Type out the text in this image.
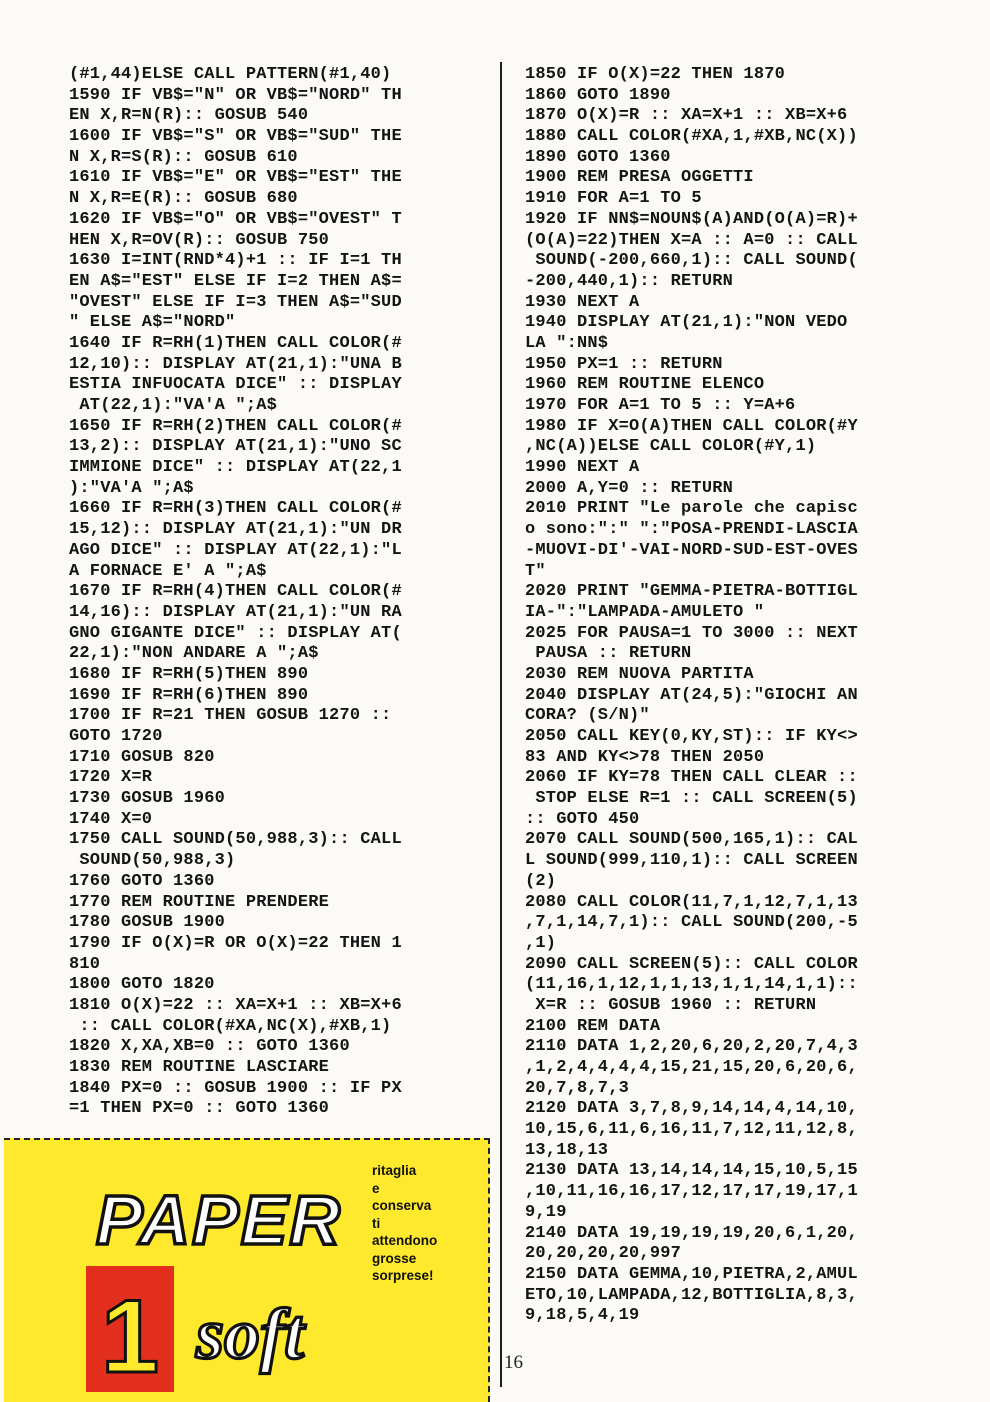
(#1,44)ELSE CALL PATTERN(#1,40)
1590 IF VB$="N" OR VB$="NORD" TH
EN X,R=N(R):: GOSUB 540
1600 IF VB$="S" OR VB$="SUD" THE
N X,R=S(R):: GOSUB 610
1610 IF VB$="E" OR VB$="EST" THE
N X,R=E(R):: GOSUB 680
1620 IF VB$="O" OR VB$="OVEST" T
HEN X,R=OV(R):: GOSUB 750
1630 I=INT(RND*4)+1 :: IF I=1 TH
EN A$="EST" ELSE IF I=2 THEN A$=
"OVEST" ELSE IF I=3 THEN A$="SUD
" ELSE A$="NORD"
1640 IF R=RH(1)THEN CALL COLOR(#
12,10):: DISPLAY AT(21,1):"UNA B
ESTIA INFUOCATA DICE" :: DISPLAY
AT(22,1):"VA'A ";A$
1650 IF R=RH(2)THEN CALL COLOR(#
13,2):: DISPLAY AT(21,1):"UNO SC
IMMIONE DICE" :: DISPLAY AT(22,1
):"VA'A ";A$
1660 IF R=RH(3)THEN CALL COLOR(#
15,12):: DISPLAY AT(21,1):"UN DR
AGO DICE" :: DISPLAY AT(22,1):"L
A FORNACE E' A ";A$
1670 IF R=RH(4)THEN CALL COLOR(#
14,16):: DISPLAY AT(21,1):"UN RA
GNO GIGANTE DICE" :: DISPLAY AT(
22,1):"NON ANDARE A ";A$
1680 IF R=RH(5)THEN 890
1690 IF R=RH(6)THEN 890
1700 IF R=21 THEN GOSUB 1270 ::
GOTO 1720
1710 GOSUB 820
1720 X=R
1730 GOSUB 1960
1740 X=0
1750 CALL SOUND(50,988,3):: CALL
SOUND(50,988,3)
1760 GOTO 1360
1770 REM ROUTINE PRENDERE
1780 GOSUB 1900
1790 IF O(X)=R OR O(X)=22 THEN 1
810
1800 GOTO 1820
1810 O(X)=22 :: XA=X+1 :: XB=X+6
:: CALL COLOR(#XA,NC(X),#XB,1)
1820 X,XA,XB=0 :: GOTO 1360
1830 REM ROUTINE LASCIARE
1840 PX=0 :: GOSUB 1900 :: IF PX
=1 THEN PX=0 :: GOTO 1360
1850 IF O(X)=22 THEN 1870
1860 GOTO 1890
1870 O(X)=R :: XA=X+1 :: XB=X+6
1880 CALL COLOR(#XA,1,#XB,NC(X))
1890 GOTO 1360
1900 REM PRESA OGGETTI
1910 FOR A=1 TO 5
1920 IF NN$=NOUN$(A)AND(O(A)=R)+
(O(A)=22)THEN X=A :: A=0 :: CALL
SOUND(-200,660,1):: CALL SOUND(
-200,440,1):: RETURN
1930 NEXT A
1940 DISPLAY AT(21,1):"NON VEDO
LA ":NN$
1950 PX=1 :: RETURN
1960 REM ROUTINE ELENCO
1970 FOR A=1 TO 5 :: Y=A+6
1980 IF X=O(A)THEN CALL COLOR(#Y
,NC(A))ELSE CALL COLOR(#Y,1)
1990 NEXT A
2000 A,Y=0 :: RETURN
2010 PRINT "Le parole che capisc
o sono:":" ":"POSA-PRENDI-LASCIA
-MUOVI-DI'-VAI-NORD-SUD-EST-OVES
T"
2020 PRINT "GEMMA-PIETRA-BOTTIGL
IA-":"LAMPADA-AMULETO "
2025 FOR PAUSA=1 TO 3000 :: NEXT
PAUSA :: RETURN
2030 REM NUOVA PARTITA
2040 DISPLAY AT(24,5):"GIOCHI AN
CORA? (S/N)"
2050 CALL KEY(0,KY,ST):: IF KY<>
83 AND KY<>78 THEN 2050
2060 IF KY=78 THEN CALL CLEAR ::
STOP ELSE R=1 :: CALL SCREEN(5)
:: GOTO 450
2070 CALL SOUND(500,165,1):: CAL
L SOUND(999,110,1):: CALL SCREEN
(2)
2080 CALL COLOR(11,7,1,12,7,1,13
,7,1,14,7,1):: CALL SOUND(200,-5
,1)
2090 CALL SCREEN(5):: CALL COLOR
(11,16,1,12,1,1,13,1,1,14,1,1)::
X=R :: GOSUB 1960 :: RETURN
2100 REM DATA
2110 DATA 1,2,20,6,20,2,20,7,4,3
,1,2,4,4,4,4,15,21,15,20,6,20,6,
20,7,8,7,3
2120 DATA 3,7,8,9,14,14,4,14,10,
10,15,6,11,6,16,11,7,12,11,12,8,
13,18,13
2130 DATA 13,14,14,14,15,10,5,15
,10,11,16,16,17,12,17,17,19,17,1
9,19
2140 DATA 19,19,19,19,20,6,1,20,
20,20,20,20,997
2150 DATA GEMMA,10,PIETRA,2,AMUL
ETO,10,LAMPADA,12,BOTTIGLIA,8,3,
9,18,5,4,19
PAPER
1 soft
ritaglia
e
conserva
ti
attendono
grosse
sorprese!
16
